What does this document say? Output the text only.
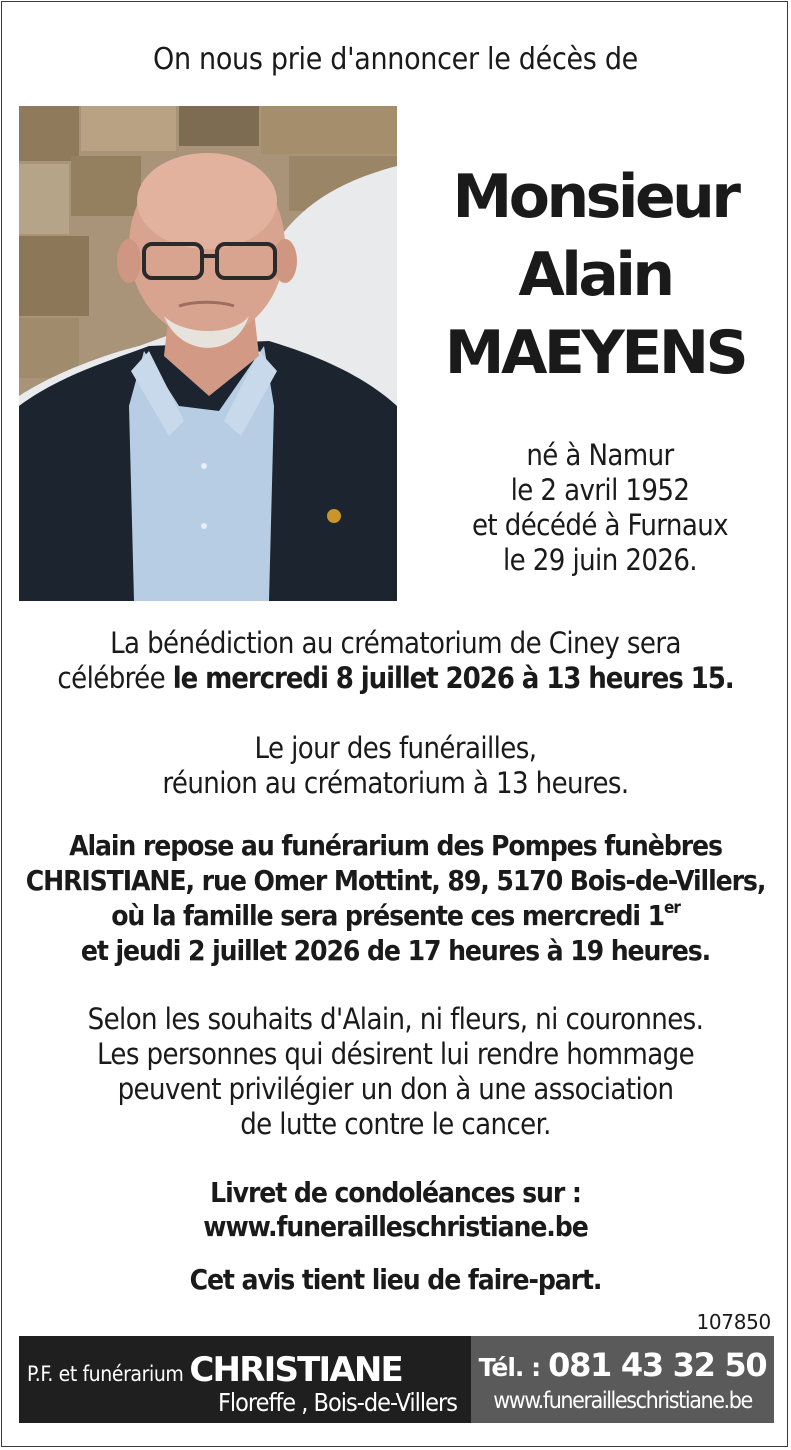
On nous prie d'annoncer le décès de
Monsieur
Alain
MAEYENS
né à Namur
le 2 avril 1952
et décédé à Furnaux
le 29 juin 2026.
La bénédiction au crématorium de Ciney sera
célébrée le mercredi 8 juillet 2026 à 13 heures 15.
Le jour des funérailles,
réunion au crématorium à 13 heures.
Alain repose au funérarium des Pompes funèbres
CHRISTIANE, rue Omer Mottint, 89, 5170 Bois-de-Villers,
où la famille sera présente ces mercredi 1er
et jeudi 2 juillet 2026 de 17 heures à 19 heures.
Selon les souhaits d'Alain, ni fleurs, ni couronnes.
Les personnes qui désirent lui rendre hommage
peuvent privilégier un don à une association
de lutte contre le cancer.
Livret de condoléances sur :
www.funerailleschristiane.be
Cet avis tient lieu de faire-part.
107850
P.F. et funérarium CHRISTIANE
Floreffe , Bois-de-Villers
Tél. : 081 43 32 50
www.funerailleschristiane.be
